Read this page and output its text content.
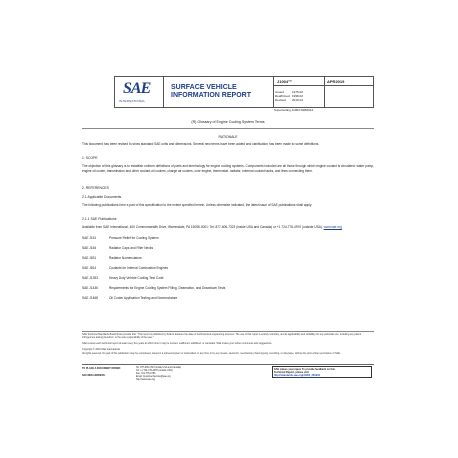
SAE
INTERNATIONAL
SURFACE VEHICLE
INFORMATION REPORT
J1004™	APR2019
Issued	1975-02
Reaffirmed 1998-02
Revised	2019-04
Superseding J1004 FEB2014
(R) Glossary of Engine Cooling System Terms
RATIONALE
This document has been revised to show standard SAE units and dimensions. Several new terms have been added and clarification has been made to some definitions.
1. SCOPE
The objective of this glossary is to establish uniform definitions of parts and terminology for engine cooling systems. Components included are all those through which engine coolant is circulated: water pump, engine oil cooler, transmission and other coolant-oil coolers, charge air coolers, core engine, thermostat, radiator, external coolant tanks, and lines connecting them.
2. REFERENCES
2.1 Applicable Documents
The following publications form a part of this specification to the extent specified herein. Unless otherwise indicated, the latest issue of SAE publications shall apply.
2.1.1 SAE Publications
Available from SAE International, 400 Commonwealth Drive, Warrendale, PA 15096-0001; Tel: 877-606-7323 (inside USA and Canada) or +1 724-776-4970 (outside USA), www.sae.org
SAE J151	Pressure Relief for Cooling System
SAE J164	Radiator Caps and Filler Necks
SAE J631	Radiator Nomenclature
SAE J814	Coolants for Internal Combustion Engines
SAE J1393	Heavy Duty Vehicle Cooling Test Code
SAE J1436	Requirements for Engine Cooling System Filling, Deaeration, and Drawdown Tests
SAE J1468	Oil Cooler Application Testing and Nomenclature
SAE Technical Standards Board Rules provide that: "This report is published by SAE to advance the state of technical and engineering sciences. The use of this report is entirely voluntary, and its applicability and suitability for any particular use, including any patent infringement arising therefrom, is the sole responsibility of the user."
SAE reviews each technical report at least every five years at which time it may be revised, reaffirmed, stabilized, or cancelled. SAE invites your written comments and suggestions.
Copyright © 2019 SAE International
All rights reserved. No part of this publication may be reproduced, stored in a retrieval system or transmitted, in any form or by any means, electronic, mechanical, photocopying, recording, or otherwise, without the prior written permission of SAE.
TO PLACE A DOCUMENT ORDER:	Tel: 877-606-7323 (inside USA and Canada)
Tel: +1 724-776-4970 (outside USA)
Fax: 724-776-0790
Email: CustomerService@sae.org
http://www.sae.org
SAE WEB ADDRESS:
SAE values your input. To provide feedback on this
Technical Report, please visit
http://standards.sae.org/J1004_201904
